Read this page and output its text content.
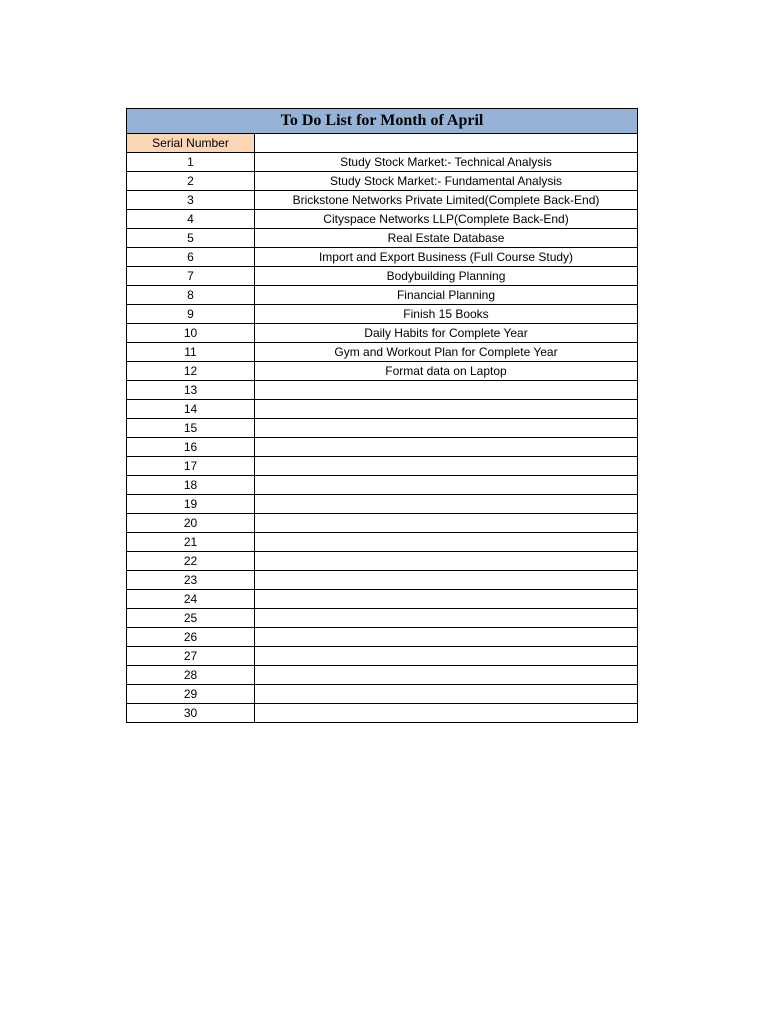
To Do List for Month of April	
Serial Number	
1	Study Stock Market:- Technical Analysis
2	Study Stock Market:- Fundamental Analysis
3	Brickstone Networks Private Limited(Complete Back-End)
4	Cityspace Networks LLP(Complete Back-End)
5	Real Estate Database
6	Import and Export Business (Full Course Study)
7	Bodybuilding Planning
8	Financial Planning
9	Finish 15 Books
10	Daily Habits for Complete Year
11	Gym and Workout Plan for Complete Year
12	Format data on Laptop
13	
14	
15	
16	
17	
18	
19	
20	
21	
22	
23	
24	
25	
26	
27	
28	
29	
30	
